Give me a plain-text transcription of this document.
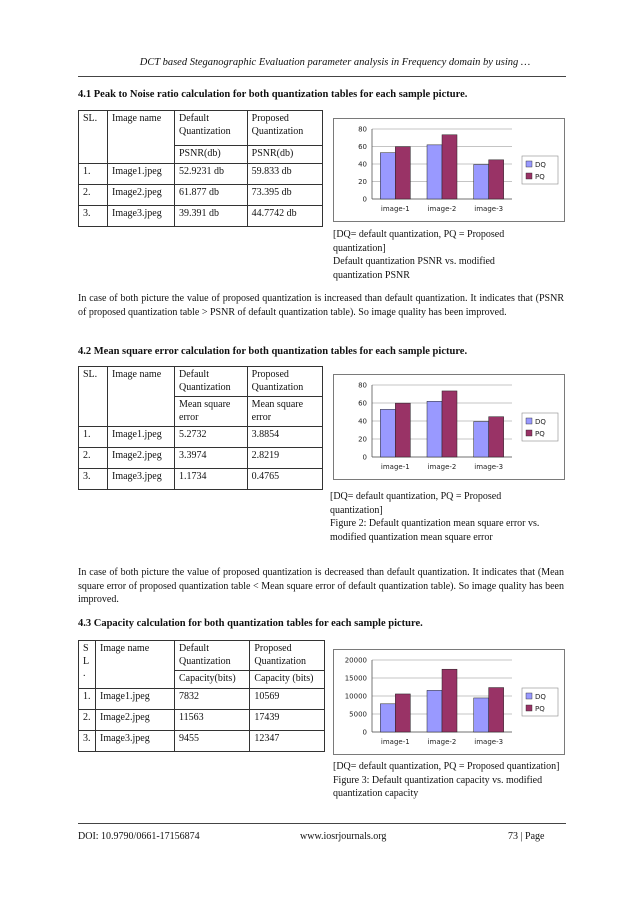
DCT based Steganographic Evaluation parameter analysis in Frequency domain by using …
4.1 Peak to Noise ratio calculation for both quantization tables for each sample picture.
SL.	Image name	Default Quantization	Proposed Quantization
		PSNR(db)	PSNR(db)
1.	Image1.jpeg	52.9231 db	59.833 db
2.	Image2.jpeg	61.877 db	73.395 db
3.	Image3.jpeg	39.391 db	44.7742 db
0
20
40
60
80
image-1	image-2	image-3
DQ
PQ
[DQ= default quantization, PQ = Proposed
quantization]
Default quantization PSNR vs. modified
quantization PSNR
In case of both picture the value of proposed quantization is increased than default quantization. It indicates that (PSNR of proposed quantization table > PSNR of default quantization table). So image quality has been improved.
4.2 Mean square error calculation for both quantization tables for each sample picture.
SL.	Image name	Default Quantization	Proposed Quantization
		Mean square error	Mean square error
1.	Image1.jpeg	5.2732	3.8854
2.	Image2.jpeg	3.3974	2.8219
3.	Image3.jpeg	1.1734	0.4765
0
20
40
60
80
image-1	image-2	image-3
DQ
PQ
[DQ= default quantization, PQ = Proposed
quantization]
Figure 2: Default quantization mean square error vs.
modified quantization mean square error
In case of both picture the value of proposed quantization is decreased than default quantization. It indicates that (Mean square error of proposed quantization table < Mean square error of default quantization table). So image quality has been improved.
4.3 Capacity calculation for both quantization tables for each sample picture.
S L .	Image name	Default Quantization	Proposed Quantization
		Capacity(bits)	Capacity (bits)
1.	Image1.jpeg	7832	10569
2.	Image2.jpeg	11563	17439
3.	Image3.jpeg	9455	12347	0
5000
10000
15000
20000
image-1	image-2	image-3
DQ
PQ
[DQ= default quantization, PQ = Proposed quantization]
Figure 3: Default quantization capacity vs. modified
quantization capacity
DOI: 10.9790/0661-17156874	www.iosrjournals.org	73 | Page
